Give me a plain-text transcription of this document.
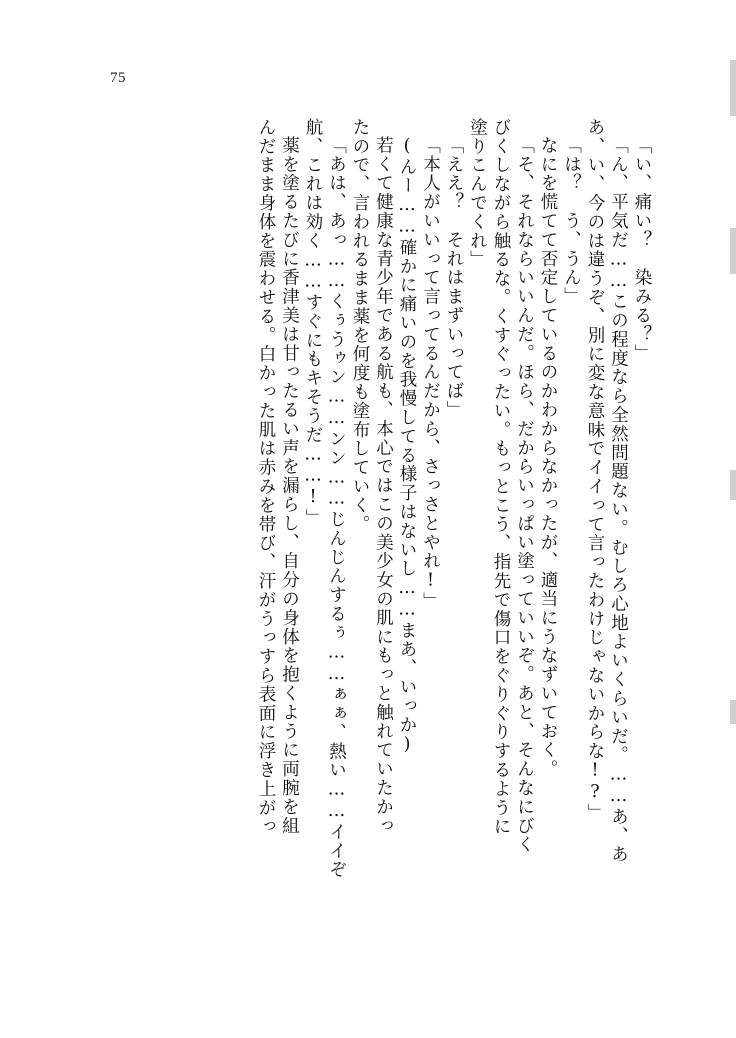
75
「い、痛い？　染みる？」
「ん、平気だ……この程度なら全然問題ない。むしろ心地よいくらいだ。……あ、あ
あ、い、今のは違うぞ、別に変な意味でイイって言ったわけじゃないからな!?」
「は？　う、うん」
なにを慌てて否定しているのかわからなかったが、適当にうなずいておく。
「そ、それならいいんだ。ほら、だからいっぱい塗っていいぞ。あと、そんなにびく
びくしながら触るな。くすぐったい。もっとこう、指先で傷口をぐりぐりするように
塗りこんでくれ」
「ええ？　それはまずいってば」
「本人がいいって言ってるんだから、さっさとやれ!」
(んー……確かに痛いのを我慢してる様子はないし……まあ、いっか)
若くて健康な青少年である航も、本心ではこの美少女の肌にもっと触れていたかっ
たので、言われるまま薬を何度も塗布していく。
「あは、あっ……くぅうゥン……ンン……じんじんするぅ……ぁぁ、熱い……イイぞ
航、これは効く……すぐにもキそうだ……!」
薬を塗るたびに香津美は甘ったるい声を漏らし、自分の身体を抱くように両腕を組
んだまま身体を震わせる。白かった肌は赤みを帯び、汗がうっすら表面に浮き上がっ
